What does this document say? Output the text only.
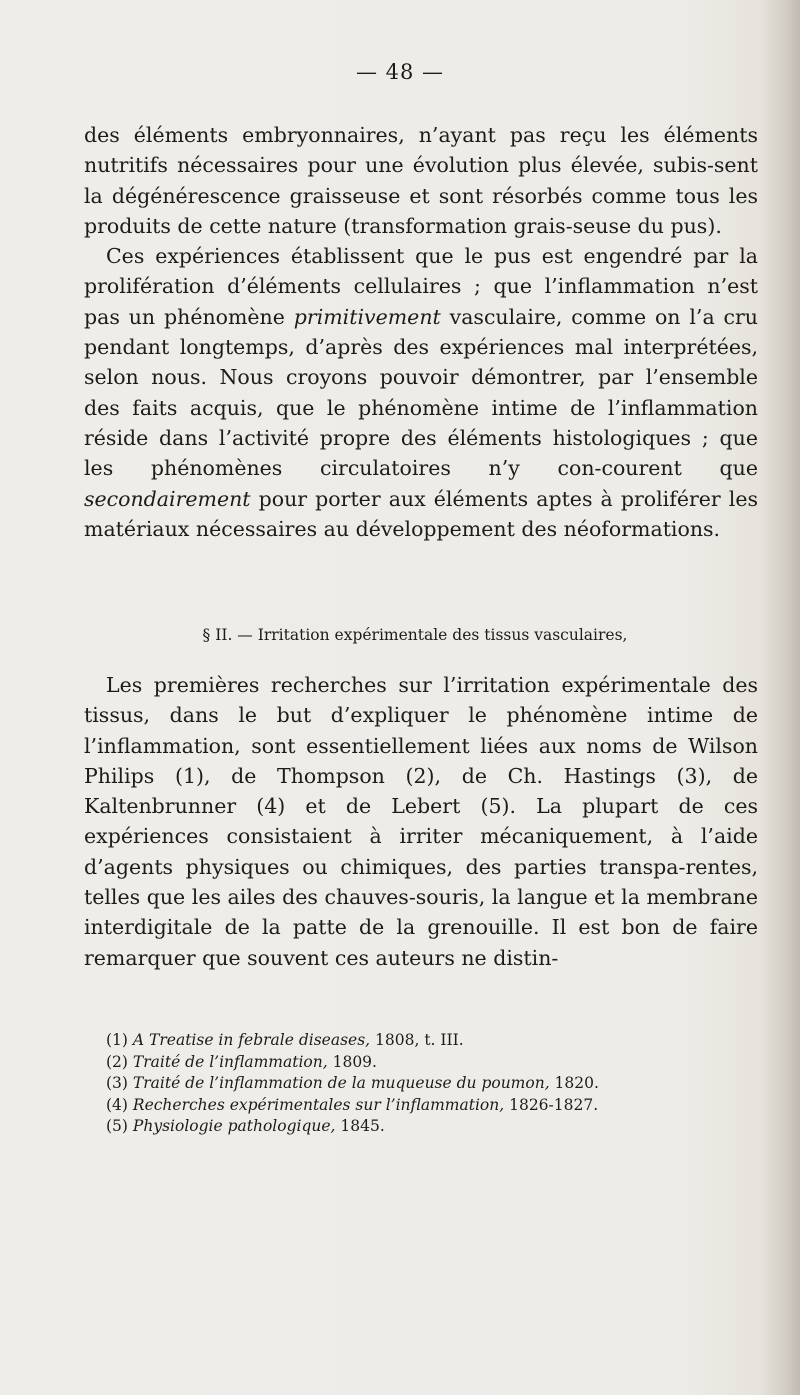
— 48 —

des éléments embryonnaires, n’ayant pas reçu les éléments nutritifs nécessaires pour une évolution plus élevée, subis-sent la dégénérescence graisseuse et sont résorbés comme tous les produits de cette nature (transformation grais-seuse du pus).

Ces expériences établissent que le pus est engendré par la prolifération d’éléments cellulaires ; que l’inflammation n’est pas un phénomène primitivement vasculaire, comme on l’a cru pendant longtemps, d’après des expériences mal interprétées, selon nous. Nous croyons pouvoir démontrer, par l’ensemble des faits acquis, que le phénomène intime de l’inflammation réside dans l’activité propre des éléments histologiques ; que les phénomènes circulatoires n’y con-courent que secondairement pour porter aux éléments aptes à proliférer les matériaux nécessaires au développement des néoformations.

§ II. — Irritation expérimentale des tissus vasculaires,

Les premières recherches sur l’irritation expérimentale des tissus, dans le but d’expliquer le phénomène intime de l’inflammation, sont essentiellement liées aux noms de Wilson Philips (1), de Thompson (2), de Ch. Hastings (3), de Kaltenbrunner (4) et de Lebert (5). La plupart de ces expériences consistaient à irriter mécaniquement, à l’aide d’agents physiques ou chimiques, des parties transpa-rentes, telles que les ailes des chauves-souris, la langue et la membrane interdigitale de la patte de la grenouille. Il est bon de faire remarquer que souvent ces auteurs ne distin-

(1) A Treatise in febrale diseases, 1808, t. III.
(2) Traité de l’inflammation, 1809.
(3) Traité de l’inflammation de la muqueuse du poumon, 1820.
(4) Recherches expérimentales sur l’inflammation, 1826-1827.
(5) Physiologie pathologique, 1845.
